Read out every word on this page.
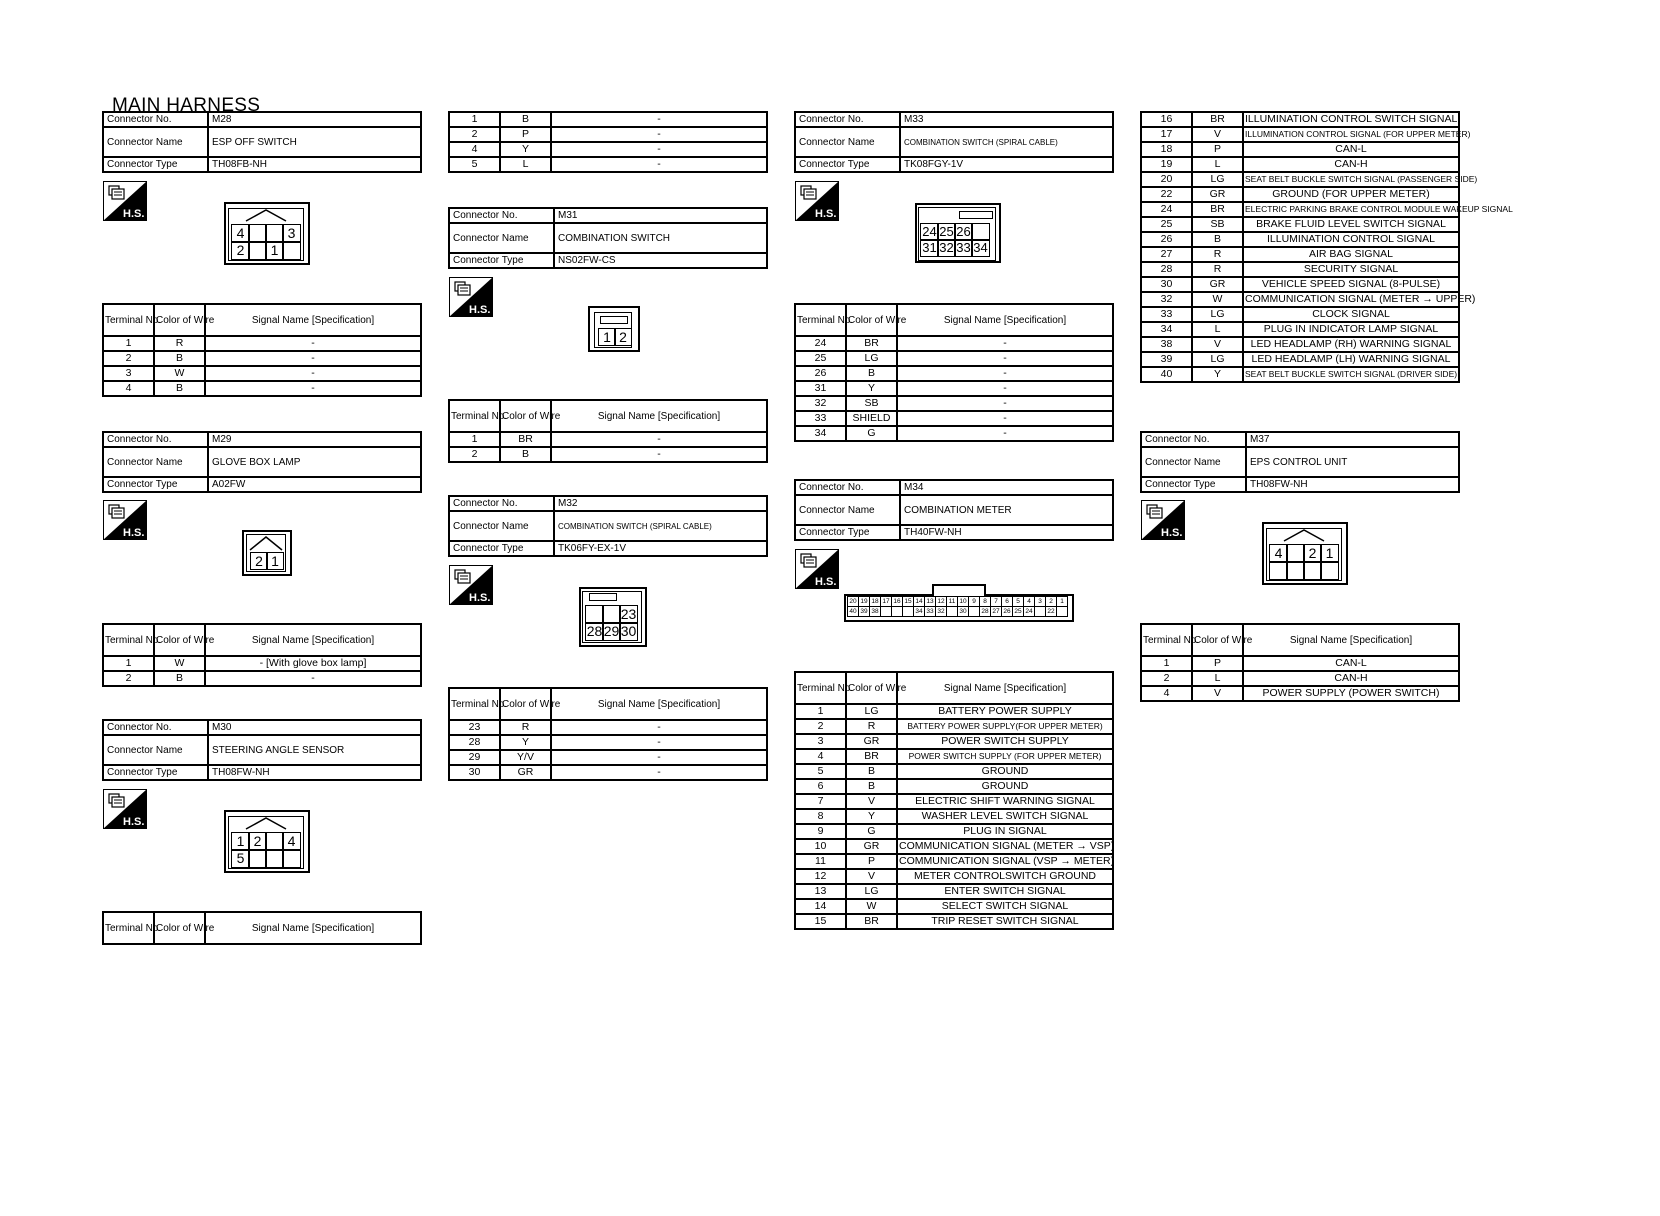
MAIN HARNESS
Connector No.	M28
Connector Name	ESP OFF SWITCH
Connector Type	TH08FB-NH
H.S.
4	3
2	1
Terminal No.	Color of Wire	Signal Name [Specification]
1	R	-
2	B	-
3	W	-
4	B	-
Connector No.	M29
Connector Name	GLOVE BOX LAMP
Connector Type	A02FW
H.S.
2 1
Terminal No.	Color of Wire	Signal Name [Specification]
1	W	- [With glove box lamp]
2	B	-
Connector No.	M30
Connector Name	STEERING ANGLE SENSOR
Connector Type	TH08FW-NH
H.S.
1 2	4
5
Terminal No.	Color of Wire	Signal Name [Specification]
1	B	-
2	P	-
4	Y	-
5	L	-
Connector No.	M31
Connector Name	COMBINATION SWITCH
Connector Type	NS02FW-CS
H.S.
1 2
Terminal No.	Color of Wire	Signal Name [Specification]
1	BR	-
2	B	-
Connector No.	M32
Connector Name	COMBINATION SWITCH (SPIRAL CABLE)
Connector Type	TK06FY-EX-1V
H.S.
23
28 29 30
Terminal No.	Color of Wire	Signal Name [Specification]
23	R	-
28	Y	-
29	Y/V	-
30	GR	-
Connector No.	M33
Connector Name	COMBINATION SWITCH (SPIRAL CABLE)
Connector Type	TK08FGY-1V
H.S.
24 25 26
31 32 33 34
Terminal No.	Color of Wire	Signal Name [Specification]
24	BR	-
25	LG	-
26	B	-
31	Y	-
32	SB	-
33	SHIELD	-
34	G	-
Connector No.	M34
Connector Name	COMBINATION METER
Connector Type	TH40FW-NH
H.S.
20 19 18 17 16 15 14 13 12 11 10 9	8	7	6	5	4	3	2	1
40 39 38	34 33 32	30	28 27 26 25 24	22
Terminal No.	Color of Wire	Signal Name [Specification]
1	LG	BATTERY POWER SUPPLY
2	R	BATTERY POWER SUPPLY(FOR UPPER METER)
3	GR	POWER SWITCH SUPPLY
4	BR	POWER SWITCH SUPPLY (FOR UPPER METER)
5	B	GROUND
6	B	GROUND
7	V	ELECTRIC SHIFT WARNING SIGNAL
8	Y	WASHER LEVEL SWITCH SIGNAL
9	G	PLUG IN SIGNAL
10	GR	COMMUNICATION SIGNAL (METER → VSP)
11	P	COMMUNICATION SIGNAL (VSP → METER)
12	V	METER CONTROLSWITCH GROUND
13	LG	ENTER SWITCH SIGNAL
14	W	SELECT SWITCH SIGNAL
15	BR	TRIP RESET SWITCH SIGNAL
16	BR	ILLUMINATION CONTROL SWITCH SIGNAL
17	V	ILLUMINATION CONTROL SIGNAL (FOR UPPER METER)
18	P	CAN-L
19	L	CAN-H
20	LG	SEAT BELT BUCKLE SWITCH SIGNAL (PASSENGER SIDE)
22	GR	GROUND (FOR UPPER METER)
24	BR	ELECTRIC PARKING BRAKE CONTROL MODULE WAKEUP SIGNAL
25	SB	BRAKE FLUID LEVEL SWITCH SIGNAL
26	B	ILLUMINATION CONTROL SIGNAL
27	R	AIR BAG SIGNAL
28	R	SECURITY SIGNAL
30	GR	VEHICLE SPEED SIGNAL (8-PULSE)
32	W	COMMUNICATION SIGNAL (METER → UPPER)
33	LG	CLOCK SIGNAL
34	L	PLUG IN INDICATOR LAMP SIGNAL
38	V	LED HEADLAMP (RH) WARNING SIGNAL
39	LG	LED HEADLAMP (LH) WARNING SIGNAL
40	Y	SEAT BELT BUCKLE SWITCH SIGNAL (DRIVER SIDE)
Connector No.	M37
Connector Name	EPS CONTROL UNIT
Connector Type	TH08FW-NH
H.S.
4	2 1
Terminal No.	Color of Wire	Signal Name [Specification]
1	P	CAN-L
2	L	CAN-H
4	V	POWER SUPPLY (POWER SWITCH)
